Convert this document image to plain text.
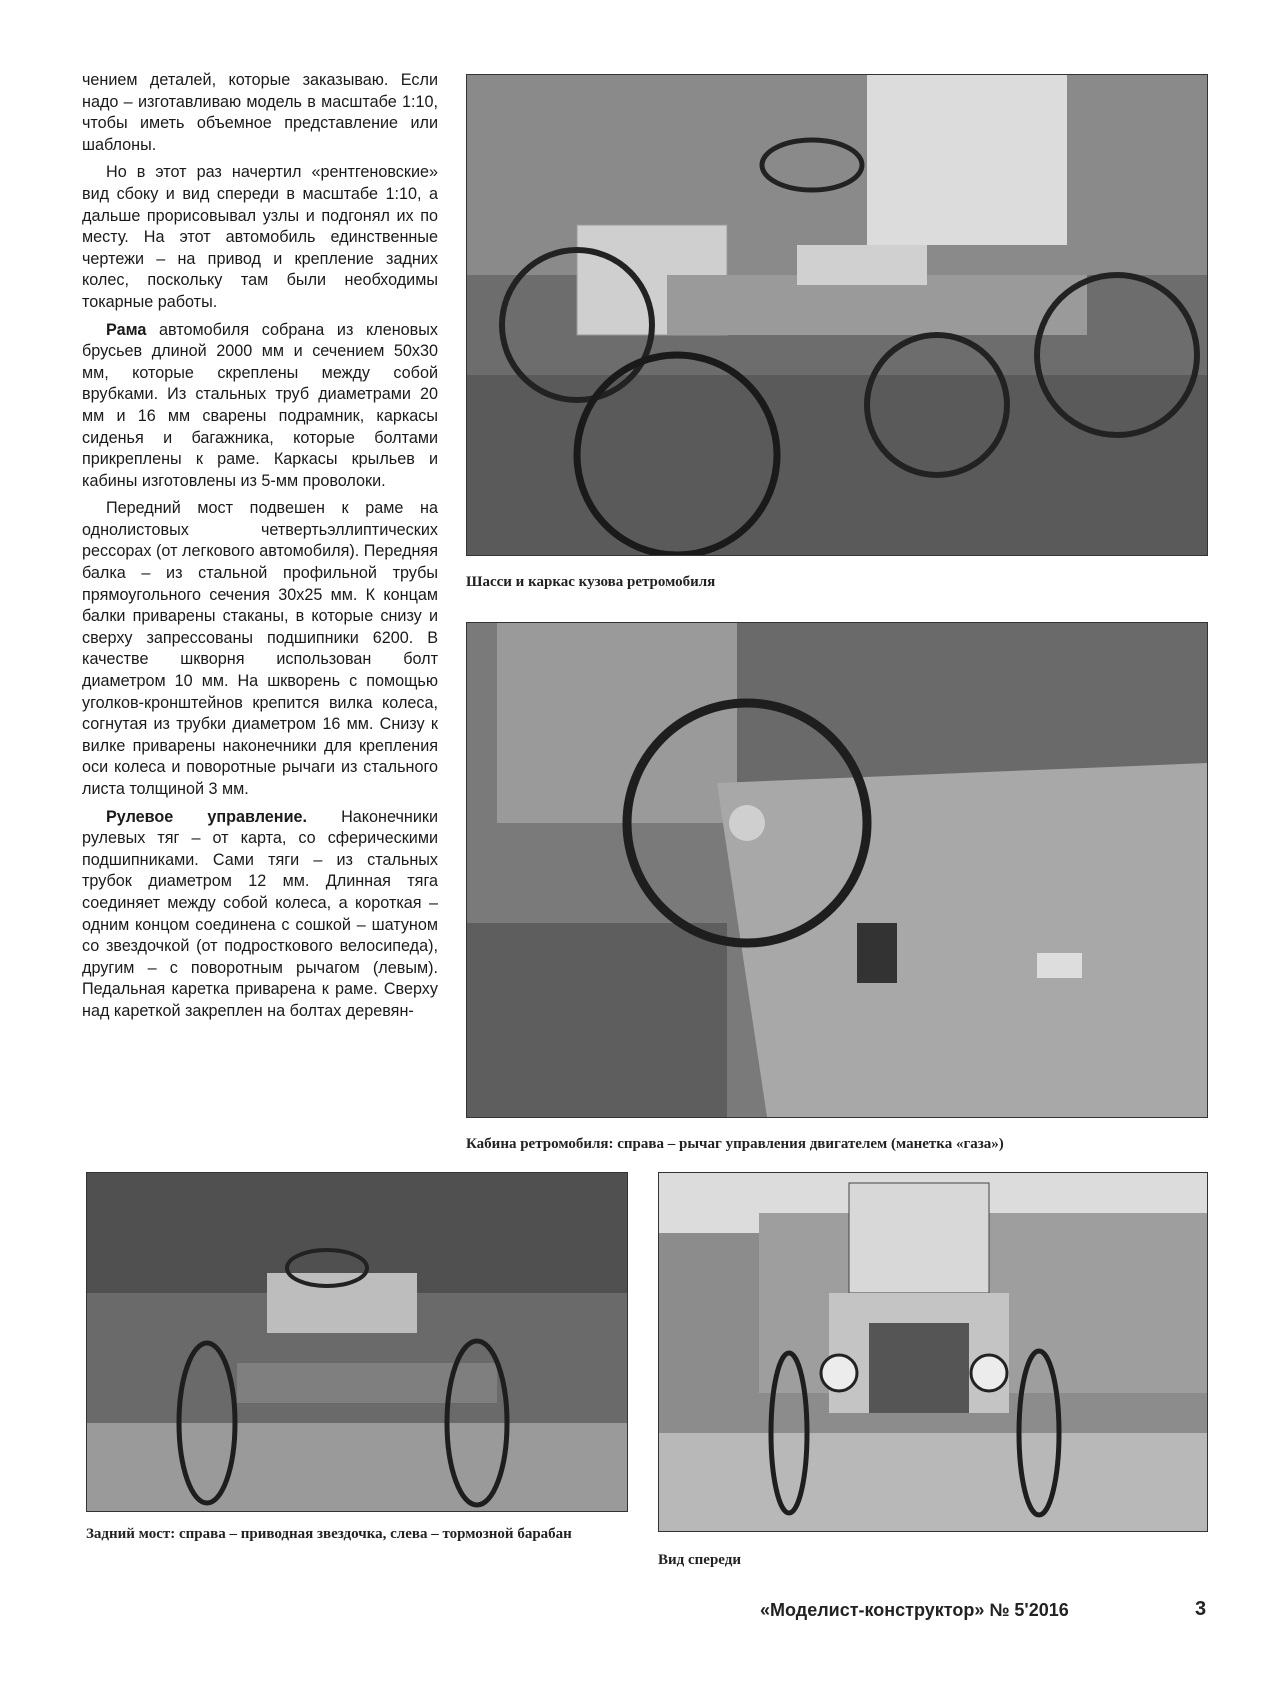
чением деталей, которые заказываю. Если надо – изготавливаю модель в масштабе 1:10, чтобы иметь объемное представление или шаблоны.

Но в этот раз начертил «рентгеновские» вид сбоку и вид спереди в масштабе 1:10, а дальше прорисовывал узлы и подгонял их по месту. На этот автомобиль единственные чертежи – на привод и крепление задних колес, поскольку там были необходимы токарные работы.

Рама автомобиля собрана из кленовых брусьев длиной 2000 мм и сечением 50х30 мм, которые скреплены между собой врубками. Из стальных труб диаметрами 20 мм и 16 мм сварены подрамник, каркасы сиденья и багажника, которые болтами прикреплены к раме. Каркасы крыльев и кабины изготовлены из 5-мм проволоки.

Передний мост подвешен к раме на однолистовых четвертьэллиптических рессорах (от легкового автомобиля). Передняя балка – из стальной профильной трубы прямоугольного сечения 30х25 мм. К концам балки приварены стаканы, в которые снизу и сверху запрессованы подшипники 6200. В качестве шкворня использован болт диаметром 10 мм. На шкворень с помощью уголков-кронштейнов крепится вилка колеса, согнутая из трубки диаметром 16 мм. Снизу к вилке приварены наконечники для крепления оси колеса и поворотные рычаги из стального листа толщиной 3 мм.

Рулевое управление. Наконечники рулевых тяг – от карта, со сферическими подшипниками. Сами тяги – из стальных трубок диаметром 12 мм. Длинная тяга соединяет между собой колеса, а короткая – одним концом соединена с сошкой – шатуном со звездочкой (от подросткового велосипеда), другим – с поворотным рычагом (левым). Педальная каретка приварена к раме. Сверху над кареткой закреплен на болтах деревян-

Шасси и каркас кузова ретромобиля
Кабина ретромобиля: справа – рычаг управления двигателем (манетка «газа»)
Задний мост: справа – приводная звездочка, слева – тормозной барабан
Вид спереди
«Моделист-конструктор» № 5'2016	3
